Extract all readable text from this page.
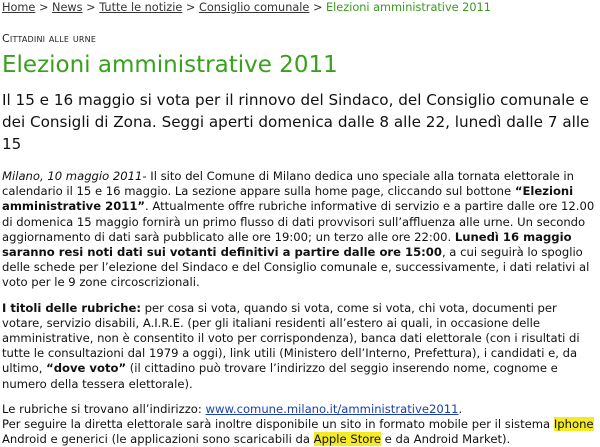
Home > News > Tutte le notizie > Consiglio comunale > Elezioni amministrative 2011
Cittadini alle urne
Elezioni amministrative 2011
Il 15 e 16 maggio si vota per il rinnovo del Sindaco, del Consiglio comunale e dei Consigli di Zona. Seggi aperti domenica dalle 8 alle 22, lunedì dalle 7 alle 15

Milano, 10 maggio 2011- Il sito del Comune di Milano dedica uno speciale alla tornata elettorale in calendario il 15 e 16 maggio. La sezione appare sulla home page, cliccando sul bottone “Elezioni amministrative 2011”. Attualmente offre rubriche informative di servizio e a partire dalle ore 12.00 di domenica 15 maggio fornirà un primo flusso di dati provvisori sull’affluenza alle urne. Un secondo aggiornamento di dati sarà pubblicato alle ore 19:00; un terzo alle ore 22:00. Lunedì 16 maggio saranno resi noti dati sui votanti definitivi a partire dalle ore 15:00, a cui seguirà lo spoglio delle schede per l’elezione del Sindaco e del Consiglio comunale e, successivamente, i dati relativi al voto per le 9 zone circoscrizionali.

I titoli delle rubriche: per cosa si vota, quando si vota, come si vota, chi vota, documenti per votare, servizio disabili, A.I.R.E. (per gli italiani residenti all’estero ai quali, in occasione delle amministrative, non è consentito il voto per corrispondenza), banca dati elettorale (con i risultati di tutte le consultazioni dal 1979 a oggi), link utili (Ministero dell’Interno, Prefettura), i candidati e, da ultimo, “dove voto” (il cittadino può trovare l’indirizzo del seggio inserendo nome, cognome e numero della tessera elettorale).

Le rubriche si trovano all’indirizzo: www.comune.milano.it/amministrative2011.
Per seguire la diretta elettorale sarà inoltre disponibile un sito in formato mobile per il sistema Iphone Android e generici (le applicazioni sono scaricabili da Apple Store e da Android Market).
